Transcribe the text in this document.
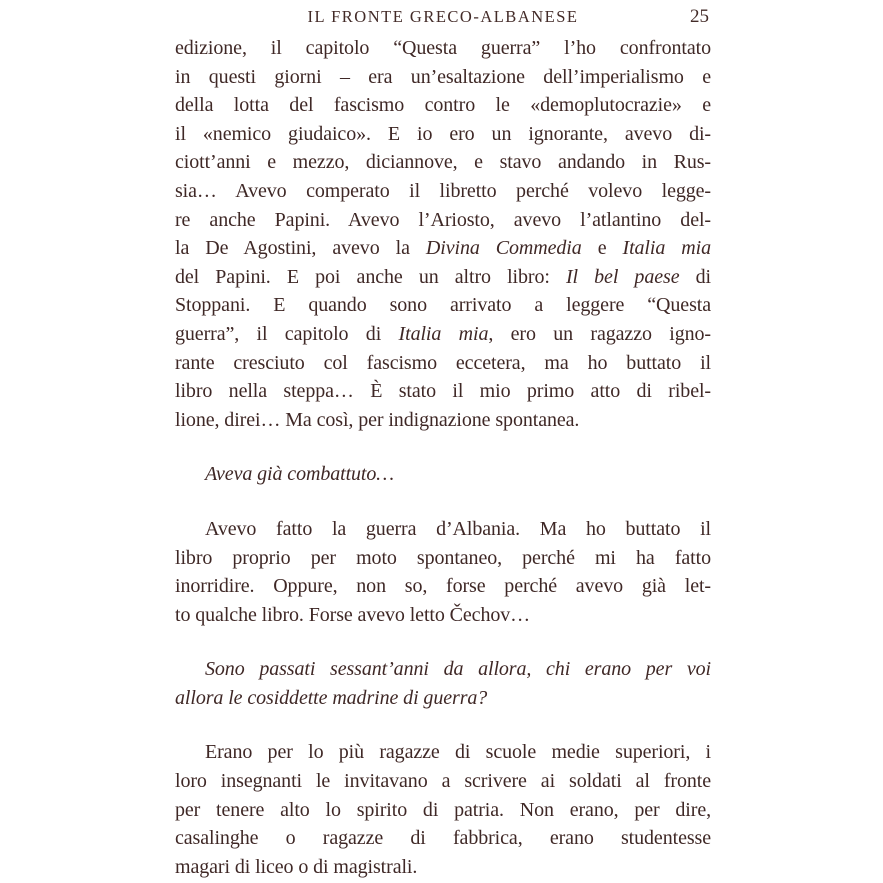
IL FRONTE GRECO-ALBANESE	25
edizione, il capitolo “Questa guerra” l’ho confrontato
in questi giorni – era un’esaltazione dell’imperialismo e
della lotta del fascismo contro le «demoplutocrazie» e
il «nemico giudaico». E io ero un ignorante, avevo di-
ciott’anni e mezzo, diciannove, e stavo andando in Rus-
sia… Avevo comperato il libretto perché volevo legge-
re anche Papini. Avevo l’Ariosto, avevo l’atlantino del-
la De Agostini, avevo la Divina Commedia e Italia mia
del Papini. E poi anche un altro libro: Il bel paese di
Stoppani. E quando sono arrivato a leggere “Questa
guerra”, il capitolo di Italia mia, ero un ragazzo igno-
rante cresciuto col fascismo eccetera, ma ho buttato il
libro nella steppa… È stato il mio primo atto di ribel-
lione, direi… Ma così, per indignazione spontanea.
Aveva già combattuto…
Avevo fatto la guerra d’Albania. Ma ho buttato il
libro proprio per moto spontaneo, perché mi ha fatto
inorridire. Oppure, non so, forse perché avevo già let-
to qualche libro. Forse avevo letto Čechov…
Sono passati sessant’anni da allora, chi erano per voi
allora le cosiddette madrine di guerra?
Erano per lo più ragazze di scuole medie superiori, i
loro insegnanti le invitavano a scrivere ai soldati al fronte
per tenere alto lo spirito di patria. Non erano, per dire,
casalinghe o ragazze di fabbrica, erano studentesse
magari di liceo o di magistrali.
